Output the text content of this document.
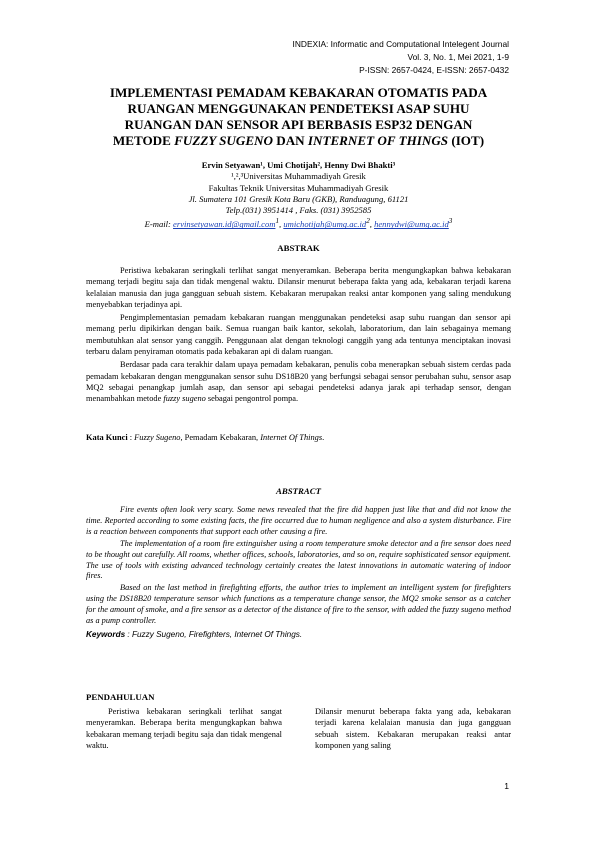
INDEXIA: Informatic and Computational Intelegent Journal
Vol. 3, No. 1, Mei 2021, 1-9
P-ISSN: 2657-0424, E-ISSN: 2657-0432
IMPLEMENTASI PEMADAM KEBAKARAN OTOMATIS PADA
RUANGAN MENGGUNAKAN PENDETEKSI ASAP SUHU
RUANGAN DAN SENSOR API BERBASIS ESP32 DENGAN
METODE FUZZY SUGENO DAN INTERNET OF THINGS (IOT)
Ervin Setyawan¹, Umi Chotijah², Henny Dwi Bhakti³
¹,²,³Universitas Muhammadiyah Gresik
Fakultas Teknik Universitas Muhammadiyah Gresik
Jl. Sumatera 101 Gresik Kota Baru (GKB), Randuagung, 61121
Telp.(031) 3951414 , Faks. (031) 3952585
E-mail: ervinsetyawan.id@gmail.com$^1$, $umichotijah@umg.ac.id^2$, $hennydwi@umg.ac.id^3$
ABSTRAK

Peristiwa kebakaran seringkali terlihat sangat menyeramkan. Beberapa berita mengungkapkan bahwa kebakaran memang terjadi begitu saja dan tidak mengenal waktu. Dilansir menurut beberapa fakta yang ada, kebakaran terjadi karena kelalaian manusia dan juga gangguan sebuah sistem. Kebakaran merupakan reaksi antar komponen yang saling mendukung menyebabkan terjadinya api.

Pengimplementasian pemadam kebakaran ruangan menggunakan pendeteksi asap suhu ruangan dan sensor api memang perlu dipikirkan dengan baik. Semua ruangan baik kantor, sekolah, laboratorium, dan lain sebagainya memang membutuhkan alat sensor yang canggih. Penggunaan alat dengan teknologi canggih yang ada tentunya menciptakan inovasi terbaru dalam penyiraman otomatis pada kebakaran api di dalam ruangan.

Berdasar pada cara terakhir dalam upaya pemadam kebakaran, penulis coba menerapkan sebuah sistem cerdas pada pemadam kebakaran dengan menggunakan sensor suhu DS18B20 yang berfungsi sebagai sensor perubahan suhu, sensor asap MQ2 sebagai penangkap jumlah asap, dan sensor api sebagai pendeteksi adanya jarak api terhadap sensor, dengan menambahkan metode fuzzy sugeno sebagai pengontrol pompa.

Kata Kunci : Fuzzy Sugeno, Pemadam Kebakaran, Internet Of Things.
ABSTRACT

Fire events often look very scary. Some news revealed that the fire did happen just like that and did not know the time. Reported according to some existing facts, the fire occurred due to human negligence and also a system disturbance. Fire is a reaction between components that support each other causing a fire.

The implementation of a room fire extinguisher using a room temperature smoke detector and a fire sensor does need to be thought out carefully. All rooms, whether offices, schools, laboratories, and so on, require sophisticated sensor equipment. The use of tools with existing advanced technology certainly creates the latest innovations in automatic watering of indoor fires.

Based on the last method in firefighting efforts, the author tries to implement an intelligent system for firefighters using the DS18B20 temperature sensor which functions as a temperature change sensor, the MQ2 smoke sensor as a catcher for the amount of smoke, and a fire sensor as a detector of the distance of fire to the sensor, with added the fuzzy sugeno method as a pump controller.

Keywords : Fuzzy Sugeno, Firefighters, Internet Of Things.
PENDAHULUAN

Peristiwa kebakaran seringkali terlihat sangat menyeramkan. Beberapa berita mengungkapkan bahwa kebakaran memang terjadi begitu saja dan tidak mengenal waktu.

Dilansir menurut beberapa fakta yang ada, kebakaran terjadi karena kelalaian manusia dan juga gangguan sebuah sistem. Kebakaran merupakan reaksi antar komponen yang saling

1
